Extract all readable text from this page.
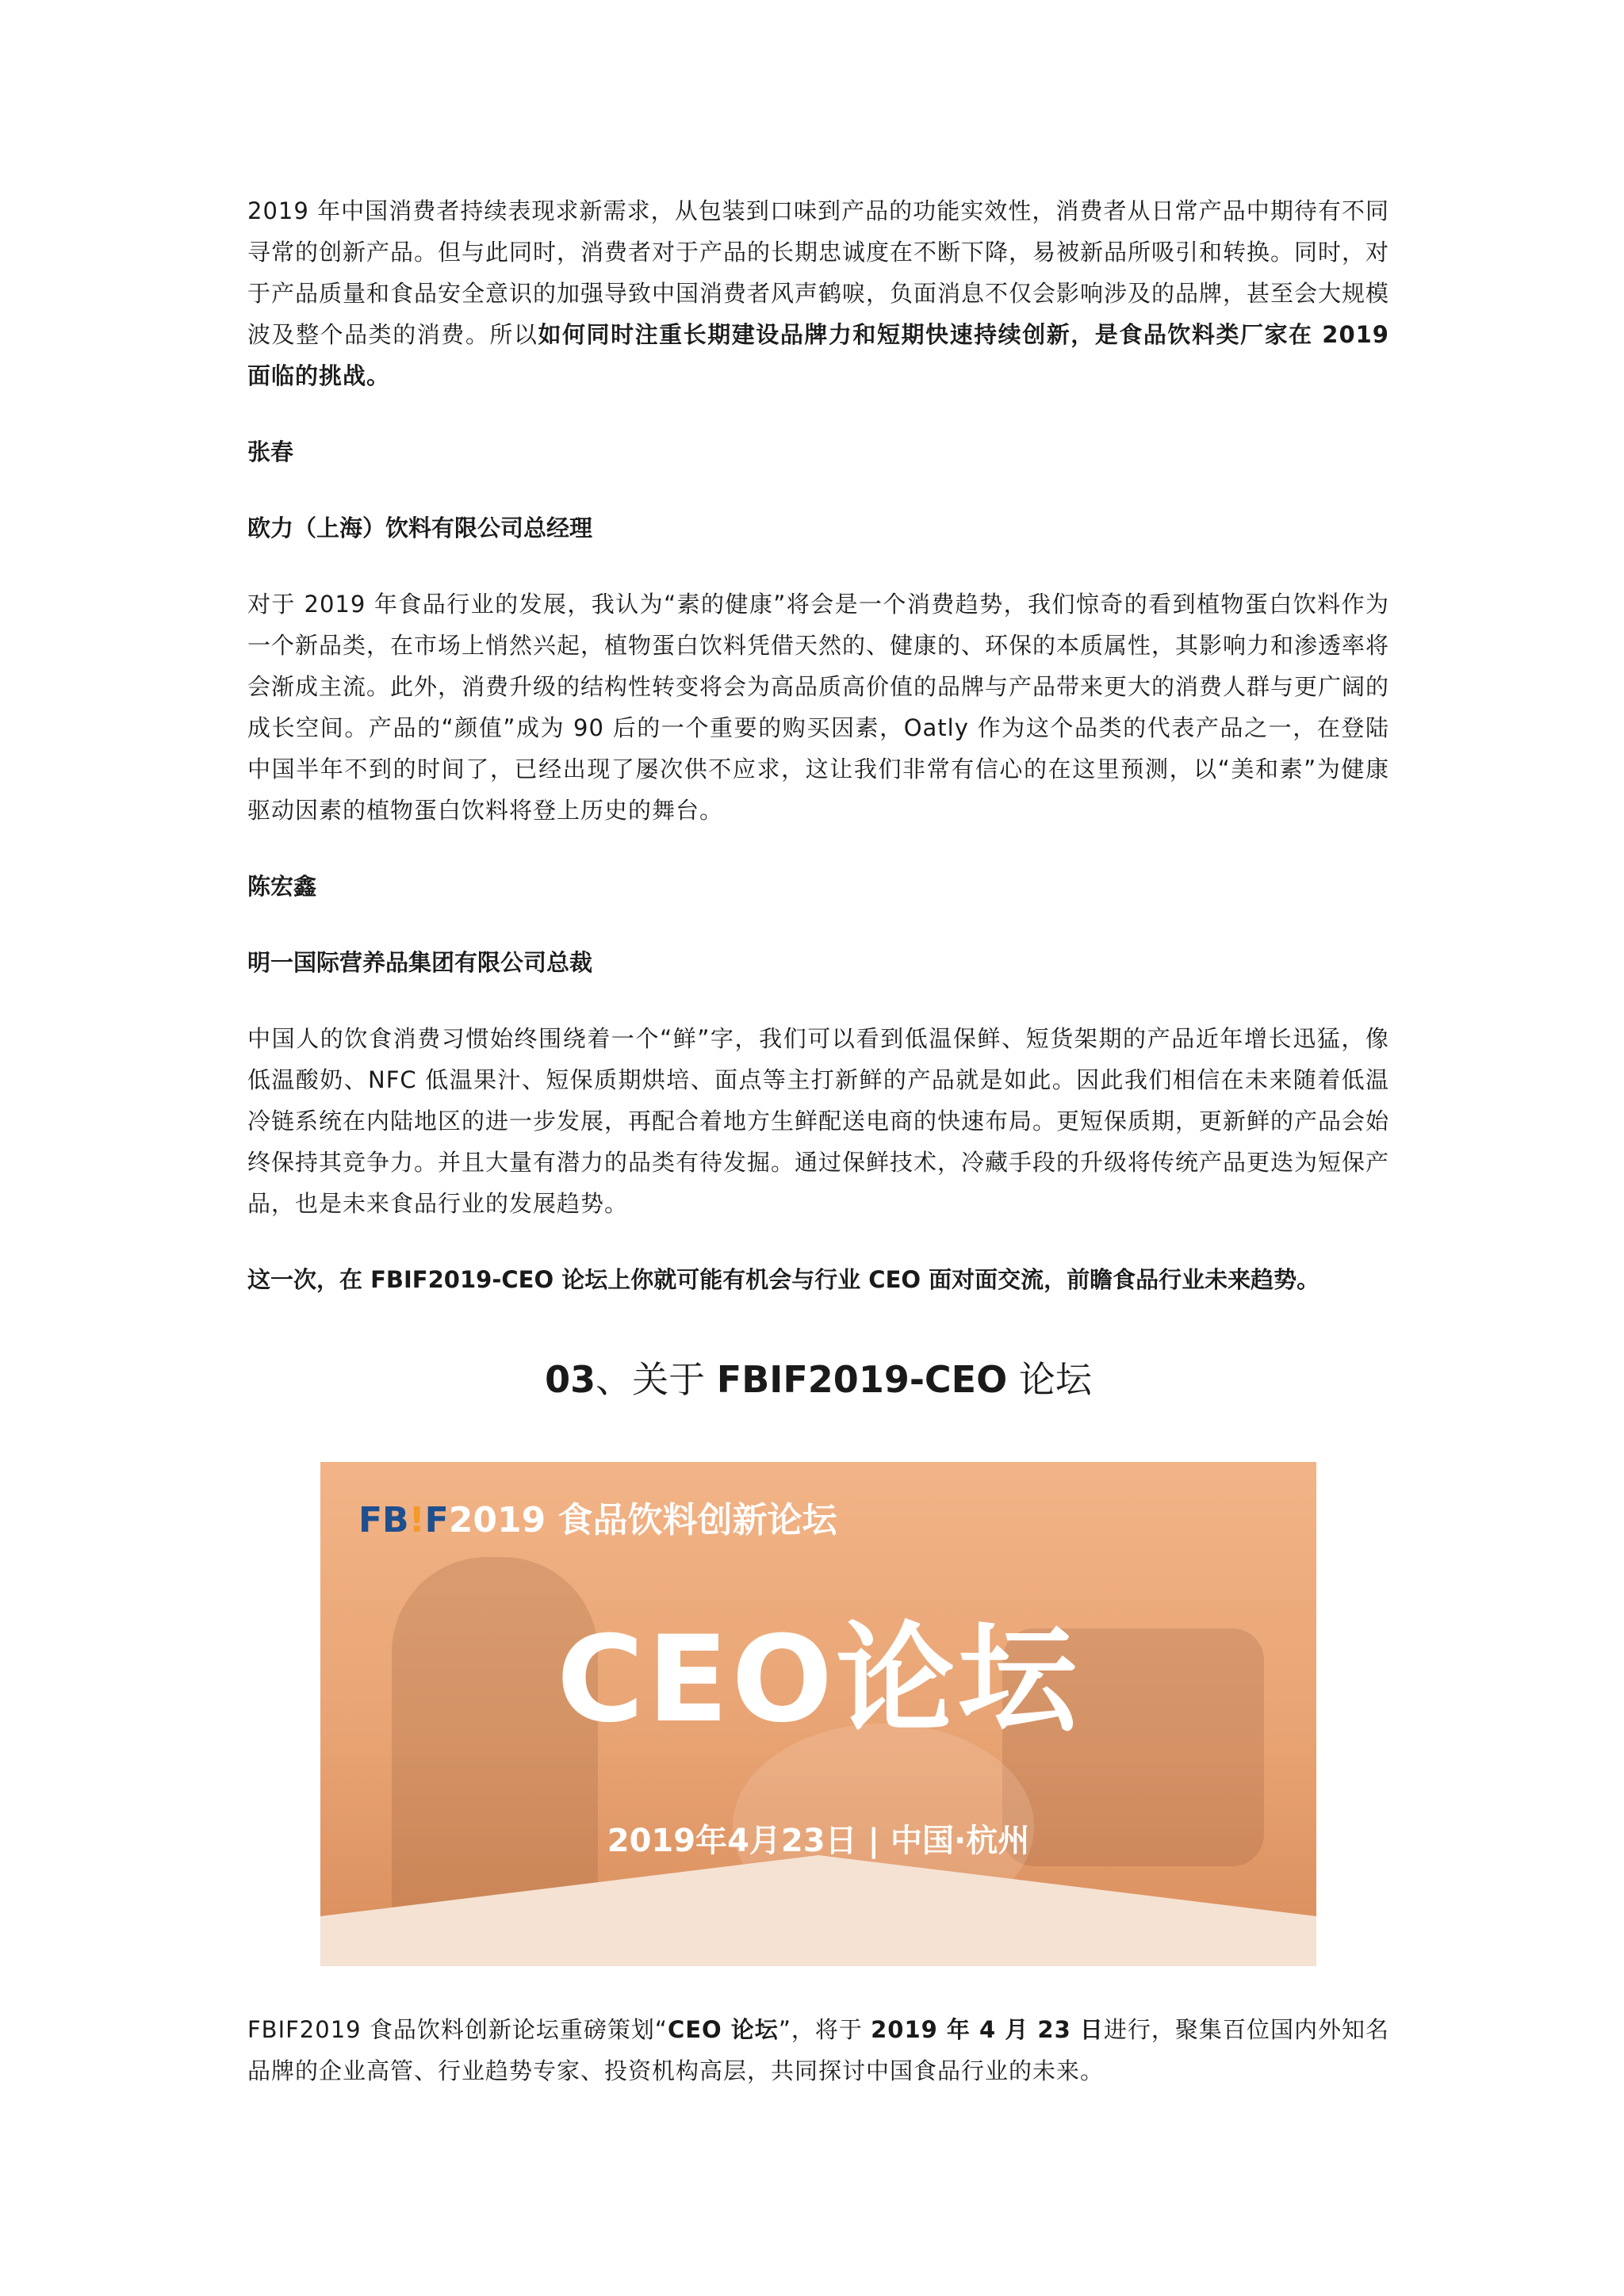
2019 年中国消费者持续表现求新需求，从包装到口味到产品的功能实效性，消费者从日常产品中期待有不同寻常的创新产品。但与此同时，消费者对于产品的长期忠诚度在不断下降，易被新品所吸引和转换。同时，对于产品质量和食品安全意识的加强导致中国消费者风声鹤唳，负面消息不仅会影响涉及的品牌，甚至会大规模波及整个品类的消费。所以如何同时注重长期建设品牌力和短期快速持续创新，是食品饮料类厂家在 2019 面临的挑战。

张春

欧力（上海）饮料有限公司总经理

对于 2019 年食品行业的发展，我认为“素的健康”将会是一个消费趋势，我们惊奇的看到植物蛋白饮料作为一个新品类，在市场上悄然兴起，植物蛋白饮料凭借天然的、健康的、环保的本质属性，其影响力和渗透率将会渐成主流。此外，消费升级的结构性转变将会为高品质高价值的品牌与产品带来更大的消费人群与更广阔的成长空间。产品的“颜值”成为 90 后的一个重要的购买因素，Oatly 作为这个品类的代表产品之一，在登陆中国半年不到的时间了，已经出现了屡次供不应求，这让我们非常有信心的在这里预测，以“美和素”为健康驱动因素的植物蛋白饮料将登上历史的舞台。

陈宏鑫

明一国际营养品集团有限公司总裁

中国人的饮食消费习惯始终围绕着一个“鲜”字，我们可以看到低温保鲜、短货架期的产品近年增长迅猛，像低温酸奶、NFC 低温果汁、短保质期烘培、面点等主打新鲜的产品就是如此。因此我们相信在未来随着低温冷链系统在内陆地区的进一步发展，再配合着地方生鲜配送电商的快速布局。更短保质期，更新鲜的产品会始终保持其竞争力。并且大量有潜力的品类有待发掘。通过保鲜技术，冷藏手段的升级将传统产品更迭为短保产品，也是未来食品行业的发展趋势。

这一次，在 FBIF2019-CEO 论坛上你就可能有机会与行业 CEO 面对面交流，前瞻食品行业未来趋势。

03、关于 FBIF2019-CEO 论坛
FB!F2019 食品饮料创新论坛
CEO论坛
2019年4月23日 | 中国·杭州

FBIF2019 食品饮料创新论坛重磅策划“CEO 论坛”，将于 2019 年 4 月 23 日进行，聚集百位国内外知名品牌的企业高管、行业趋势专家、投资机构高层，共同探讨中国食品行业的未来。
